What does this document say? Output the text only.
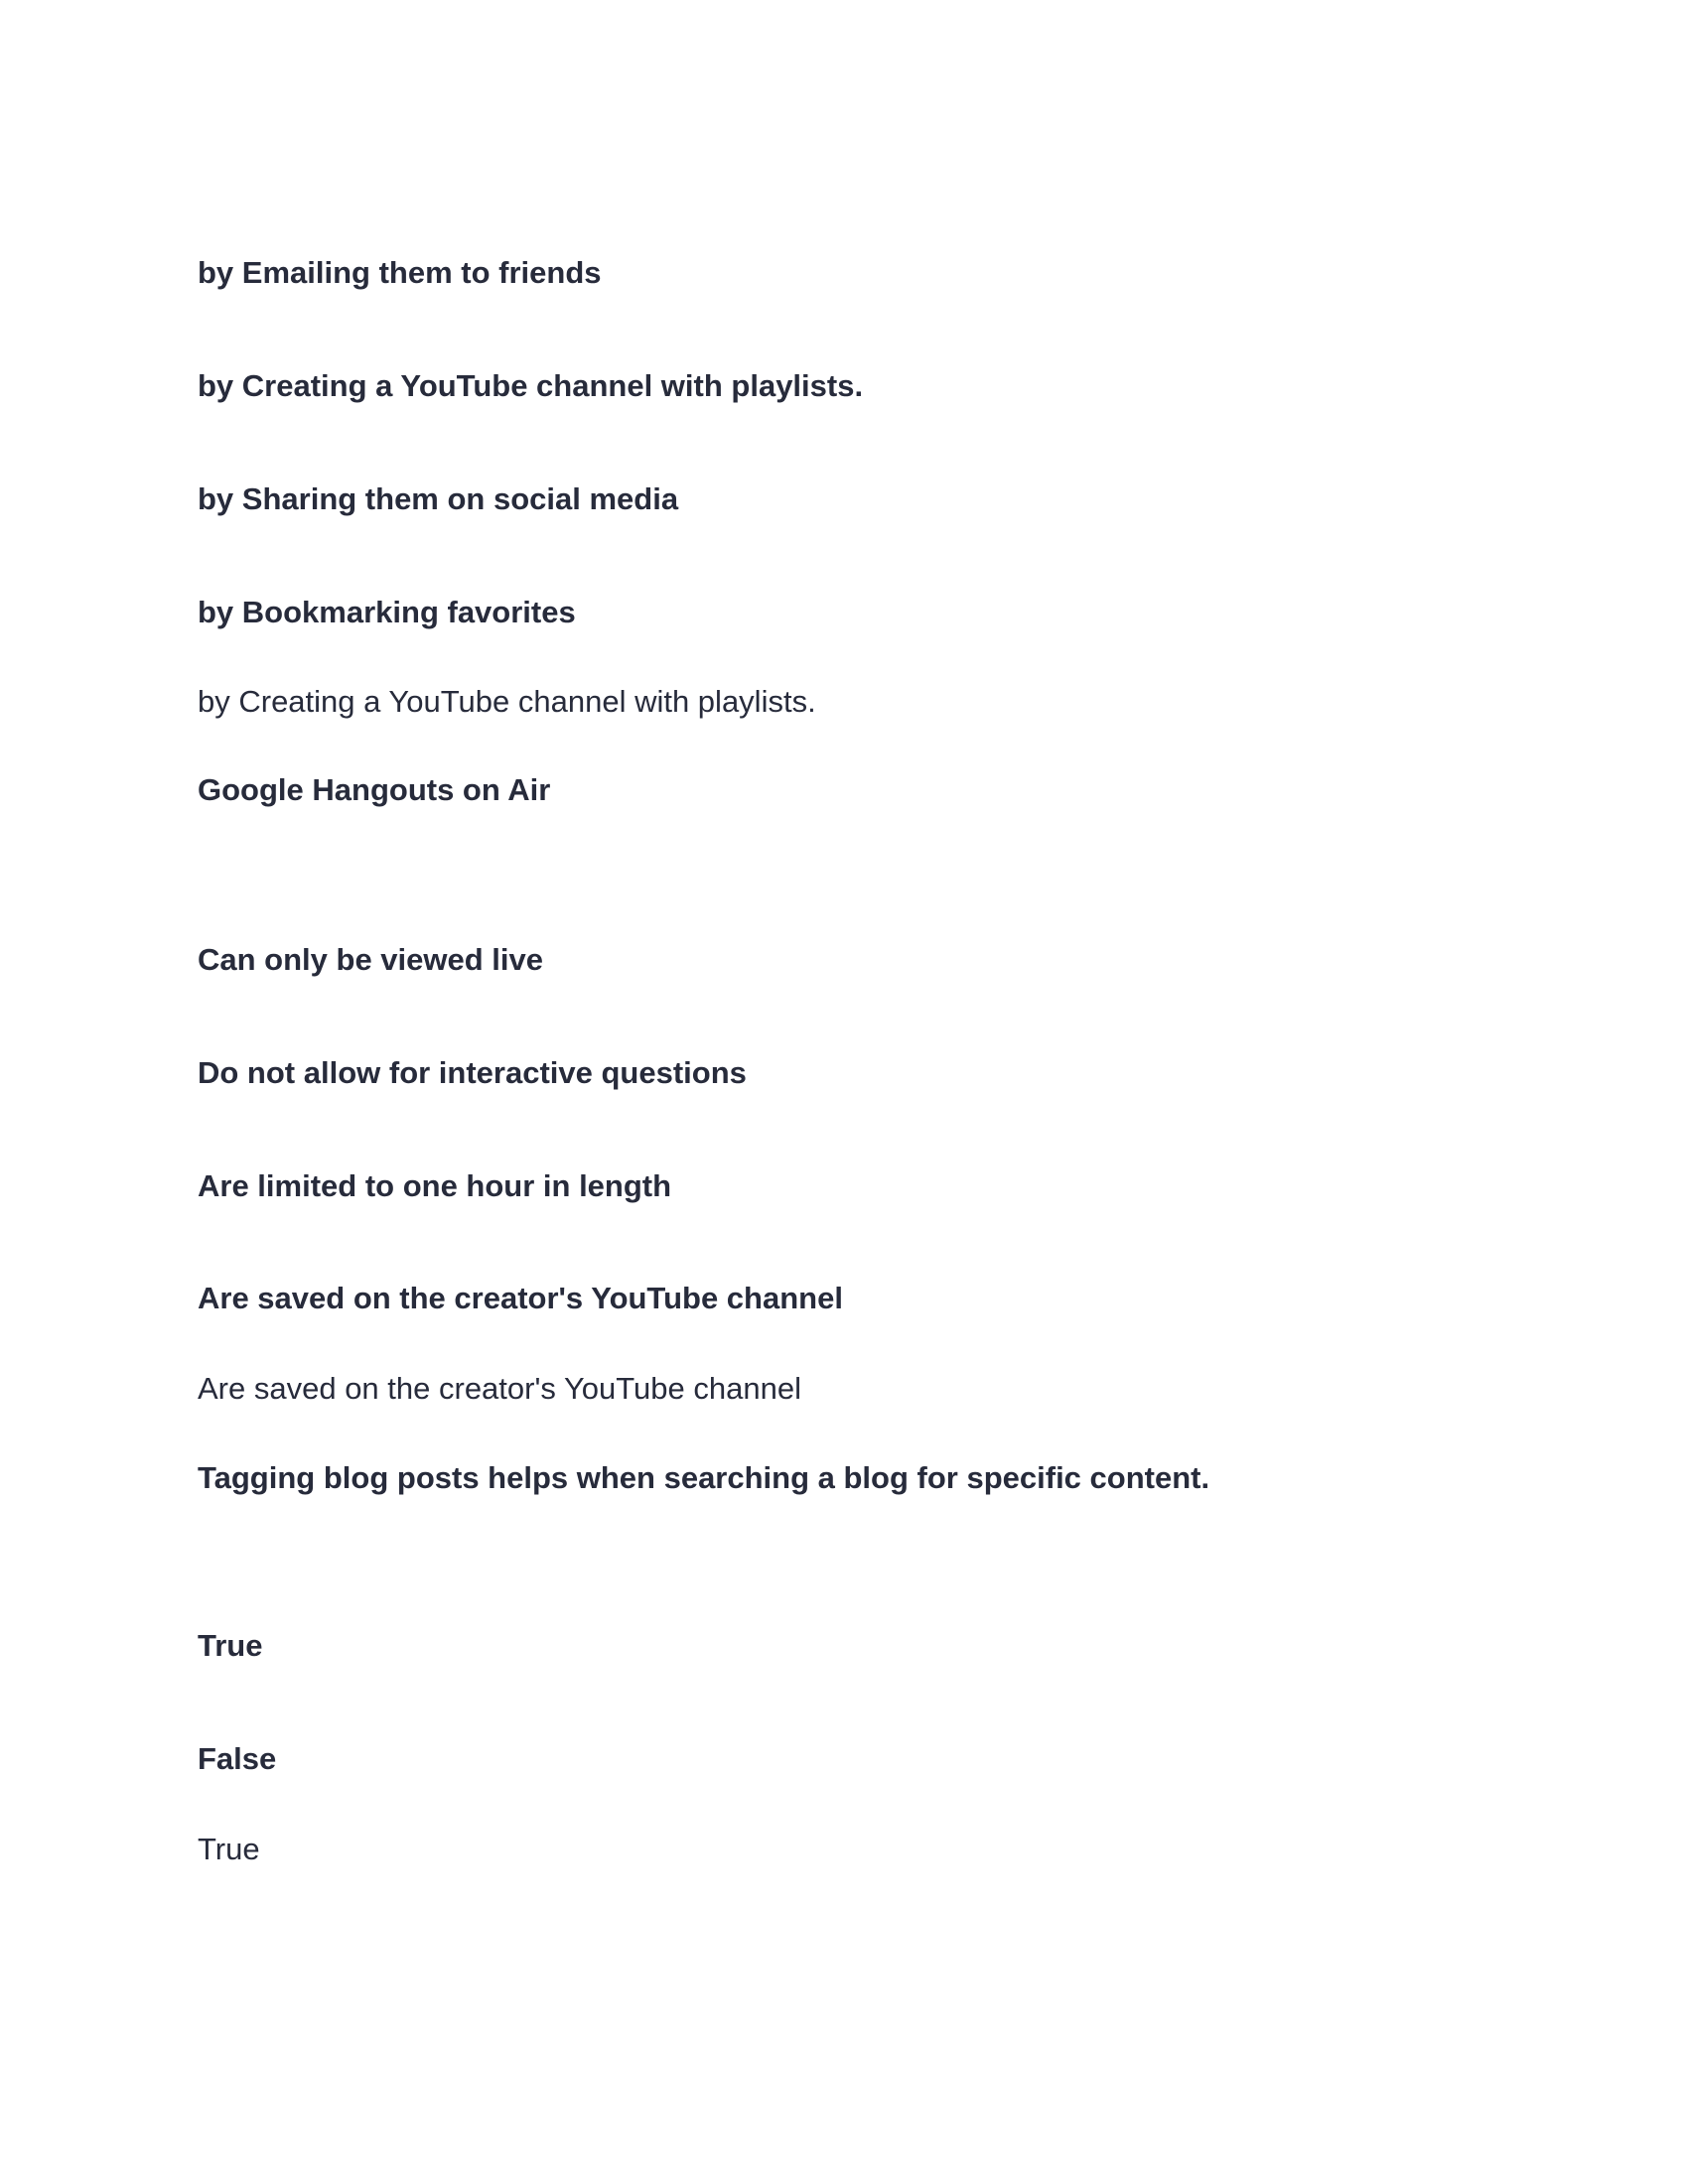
by Emailing them to friends
by Creating a YouTube channel with playlists.
by Sharing them on social media
by Bookmarking favorites
by Creating a YouTube channel with playlists.
Google Hangouts on Air
Can only be viewed live
Do not allow for interactive questions
Are limited to one hour in length
Are saved on the creator's YouTube channel
Are saved on the creator's YouTube channel
Tagging blog posts helps when searching a blog for specific content.
True
False
True
